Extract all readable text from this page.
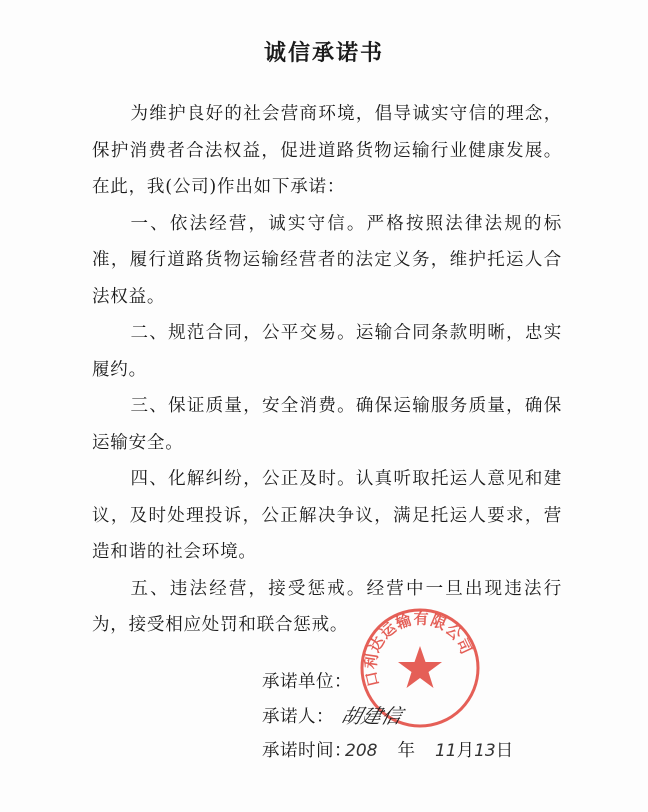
诚信承诺书

为维护良好的社会营商环境，倡导诚实守信的理念，保护消费者合法权益，促进道路货物运输行业健康发展。在此，我(公司)作出如下承诺：

一、依法经营，诚实守信。严格按照法律法规的标准，履行道路货物运输经营者的法定义务，维护托运人合法权益。

二、规范合同，公平交易。运输合同条款明晰，忠实履约。

三、保证质量，安全消费。确保运输服务质量，确保运输安全。

四、化解纠纷，公正及时。认真听取托运人意见和建议，及时处理投诉，公正解决争议，满足托运人要求，营造和谐的社会环境。

五、违法经营，接受惩戒。经营中一旦出现违法行为，接受相应处罚和联合惩戒。

口利达运输有限公司
承诺单位：
承诺人： 胡建信
承诺时间：
208 年 11月13日
